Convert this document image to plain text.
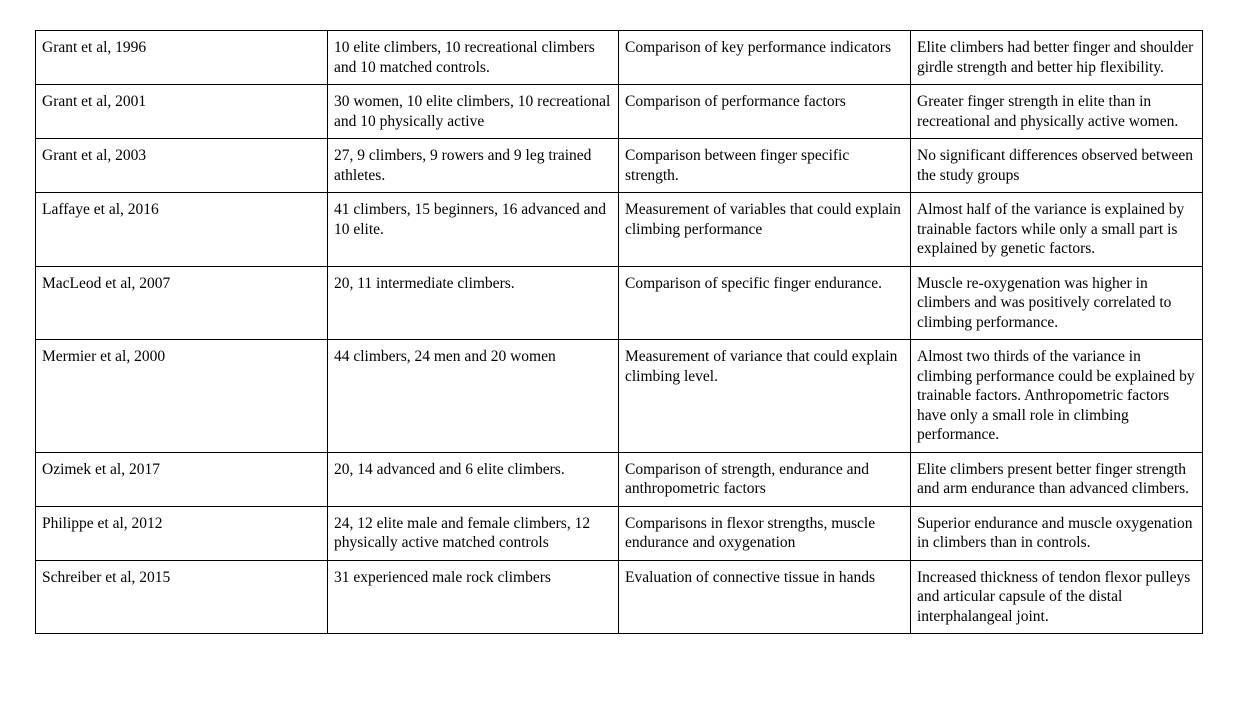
Grant et al, 1996	10 elite climbers, 10 recreational climbers and 10 matched controls.	Comparison of key performance indicators	Elite climbers had better finger and shoulder girdle strength and better hip flexibility.
Grant et al, 2001	30 women, 10 elite climbers, 10 recreational and 10 physically active	Comparison of performance factors	Greater finger strength in elite than in recreational and physically active women.
Grant et al, 2003	27, 9 climbers, 9 rowers and 9 leg trained athletes.	Comparison between finger specific strength.	No significant differences observed between the study groups
Laffaye et al, 2016	41 climbers, 15 beginners, 16 advanced and 10 elite.	Measurement of variables that could explain climbing performance	Almost half of the variance is explained by trainable factors while only a small part is explained by genetic factors.
MacLeod et al, 2007	20, 11 intermediate climbers.	Comparison of specific finger endurance.	Muscle re-oxygenation was higher in climbers and was positively correlated to climbing performance.
Mermier et al, 2000	44 climbers, 24 men and 20 women	Measurement of variance that could explain climbing level.	Almost two thirds of the variance in climbing performance could be explained by trainable factors. Anthropometric factors have only a small role in climbing performance.
Ozimek et al, 2017	20, 14 advanced and 6 elite climbers.	Comparison of strength, endurance and anthropometric factors	Elite climbers present better finger strength and arm endurance than advanced climbers.
Philippe et al, 2012	24, 12 elite male and female climbers, 12 physically active matched controls	Comparisons in flexor strengths, muscle endurance and oxygenation	Superior endurance and muscle oxygenation in climbers than in controls.
Schreiber et al, 2015	31 experienced male rock climbers	Evaluation of connective tissue in hands	Increased thickness of tendon flexor pulleys and articular capsule of the distal interphalangeal joint.
